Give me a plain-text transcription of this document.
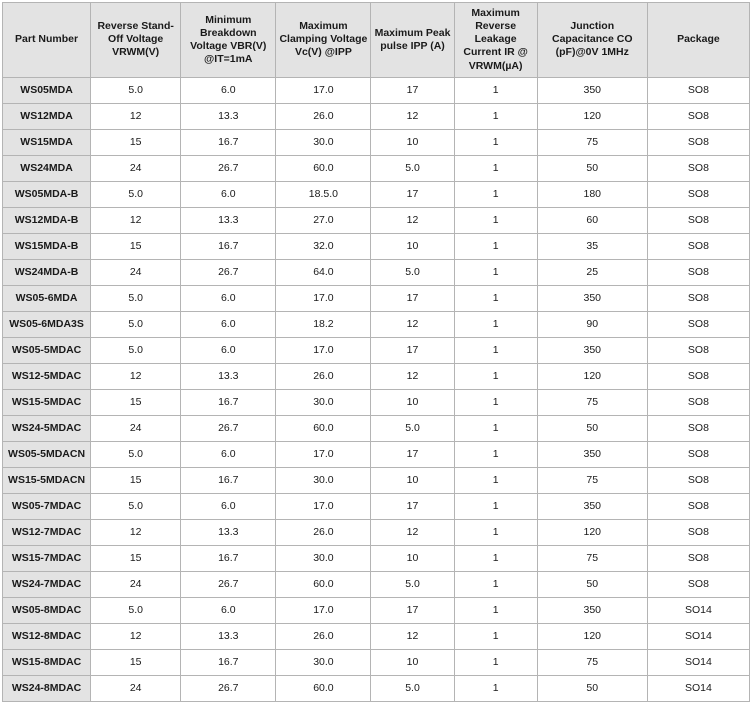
Part Number	Reverse Stand-Off Voltage VRWM(V)	Minimum Breakdown Voltage VBR(V) @IT=1mA	Maximum Clamping Voltage Vc(V) @IPP	Maximum Peak pulse IPP (A)	Maximum Reverse Leakage Current IR @ VRWM(µA)	Junction Capacitance CO (pF)@0V 1MHz	Package
WS05MDA	5.0	6.0	17.0	17	1	350	SO8
WS12MDA	12	13.3	26.0	12	1	120	SO8
WS15MDA	15	16.7	30.0	10	1	75	SO8
WS24MDA	24	26.7	60.0	5.0	1	50	SO8
WS05MDA-B	5.0	6.0	18.5.0	17	1	180	SO8
WS12MDA-B	12	13.3	27.0	12	1	60	SO8
WS15MDA-B	15	16.7	32.0	10	1	35	SO8
WS24MDA-B	24	26.7	64.0	5.0	1	25	SO8
WS05-6MDA	5.0	6.0	17.0	17	1	350	SO8
WS05-6MDA3S	5.0	6.0	18.2	12	1	90	SO8
WS05-5MDAC	5.0	6.0	17.0	17	1	350	SO8
WS12-5MDAC	12	13.3	26.0	12	1	120	SO8
WS15-5MDAC	15	16.7	30.0	10	1	75	SO8
WS24-5MDAC	24	26.7	60.0	5.0	1	50	SO8
WS05-5MDACN	5.0	6.0	17.0	17	1	350	SO8
WS15-5MDACN	15	16.7	30.0	10	1	75	SO8
WS05-7MDAC	5.0	6.0	17.0	17	1	350	SO8
WS12-7MDAC	12	13.3	26.0	12	1	120	SO8
WS15-7MDAC	15	16.7	30.0	10	1	75	SO8
WS24-7MDAC	24	26.7	60.0	5.0	1	50	SO8
WS05-8MDAC	5.0	6.0	17.0	17	1	350	SO14
WS12-8MDAC	12	13.3	26.0	12	1	120	SO14
WS15-8MDAC	15	16.7	30.0	10	1	75	SO14
WS24-8MDAC	24	26.7	60.0	5.0	1	50	SO14
